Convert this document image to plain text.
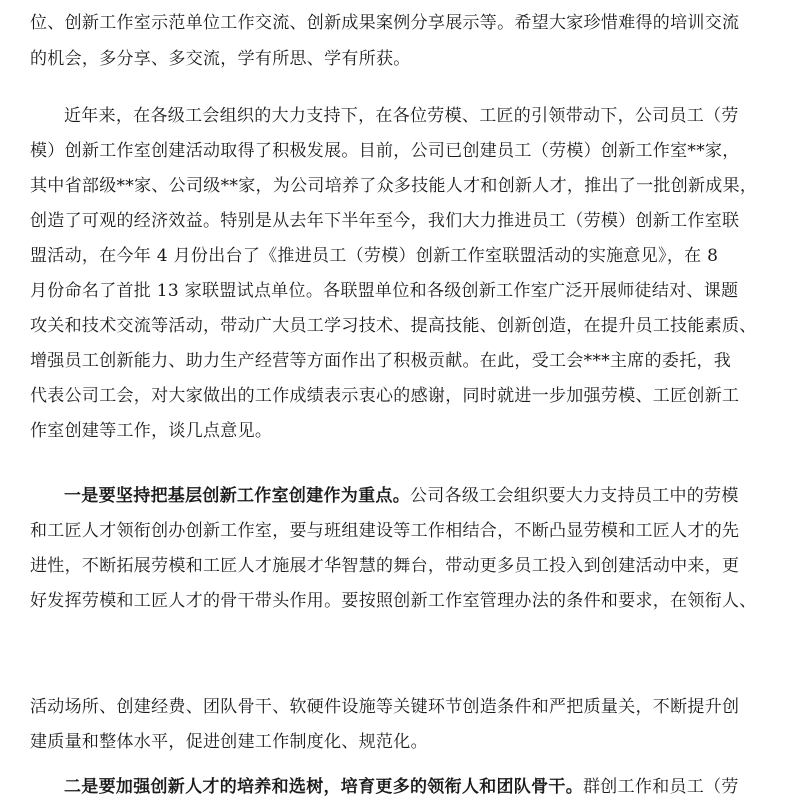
位、创新工作室示范单位工作交流、创新成果案例分享展示等。希望大家珍惜难得的培训交流
的机会，多分享、多交流，学有所思、学有所获。
近年来，在各级工会组织的大力支持下，在各位劳模、工匠的引领带动下，公司员工（劳
模）创新工作室创建活动取得了积极发展。目前，公司已创建员工（劳模）创新工作室**家，
其中省部级**家、公司级**家，为公司培养了众多技能人才和创新人才，推出了一批创新成果，
创造了可观的经济效益。特别是从去年下半年至今，我们大力推进员工（劳模）创新工作室联
盟活动，在今年 4 月份出台了《推进员工（劳模）创新工作室联盟活动的实施意见》，在 8
月份命名了首批 13 家联盟试点单位。各联盟单位和各级创新工作室广泛开展师徒结对、课题
攻关和技术交流等活动，带动广大员工学习技术、提高技能、创新创造，在提升员工技能素质、
增强员工创新能力、助力生产经营等方面作出了积极贡献。在此，受工会***主席的委托，我
代表公司工会，对大家做出的工作成绩表示衷心的感谢，同时就进一步加强劳模、工匠创新工
作室创建等工作，谈几点意见。
一是要坚持把基层创新工作室创建作为重点。公司各级工会组织要大力支持员工中的劳模
和工匠人才领衔创办创新工作室，要与班组建设等工作相结合，不断凸显劳模和工匠人才的先
进性，不断拓展劳模和工匠人才施展才华智慧的舞台，带动更多员工投入到创建活动中来，更
好发挥劳模和工匠人才的骨干带头作用。要按照创新工作室管理办法的条件和要求，在领衔人、
活动场所、创建经费、团队骨干、软硬件设施等关键环节创造条件和严把质量关，不断提升创
建质量和整体水平，促进创建工作制度化、规范化。
二是要加强创新人才的培养和选树，培育更多的领衔人和团队骨干。群创工作和员工（劳
